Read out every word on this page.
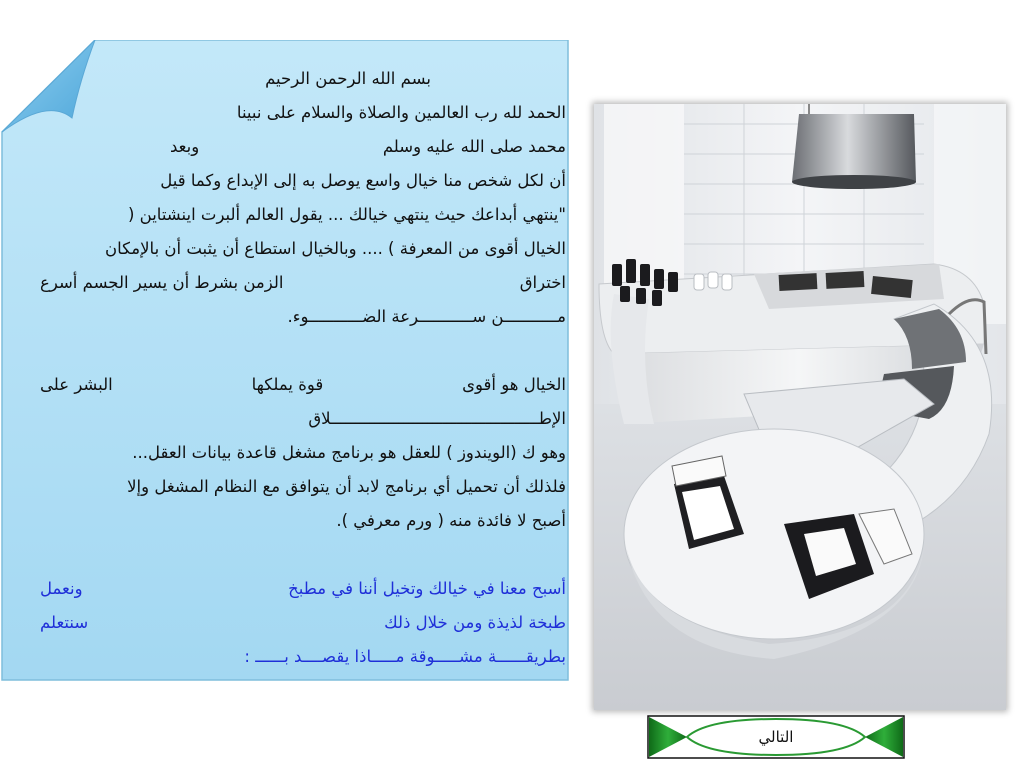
بسم الله الرحمن الرحيم
الحمد لله رب العالمين والصلاة والسلام على نبينا
محمد صلى الله عليه وسلم
وبعد
أن لكل شخص منا خيال واسع يوصل به إلى الإبداع وكما قيل
"ينتهي أبداعك حيث ينتهي خيالك ... يقول العالم ألبرت اينشتاين (
الخيال أقوى من المعرفة ) .... وبالخيال استطاع أن يثبت أن بالإمكان
اختراق
الزمن بشرط أن يسير الجسم أسرع
مـــــــــــن ســـــــــــرعة الضـــــــــــوء.
الخيال هو أقوى
قوة يملكها
البشر على
الإطـــــــــــــــــــــــــــــــــــــــــــلاق
وهو ك (الويندوز ) للعقل هو برنامج مشغل قاعدة بيانات العقل...
فلذلك أن تحميل أي برنامج لابد أن يتوافق مع النظام المشغل وإلا
أصبح لا فائدة منه ( ورم معرفي ).
أسبح معنا في خيالك وتخيل أننا في مطبخ
ونعمل
طبخة لذيذة ومن خلال ذلك
سنتعلم
بطريقــــــة مشـــــوقة مـــــاذا يقصــــد بــــــ :
التالي
